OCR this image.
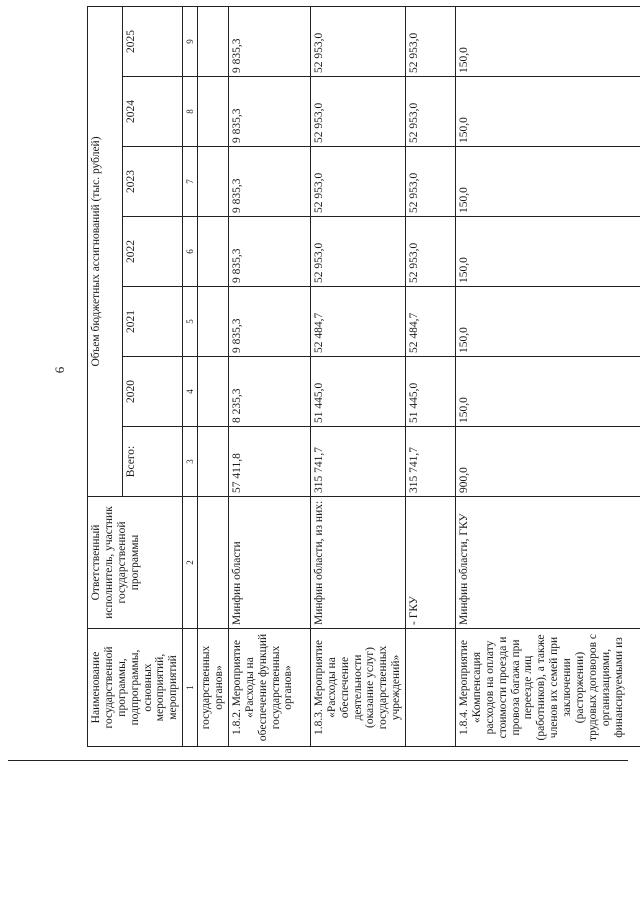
6
Наименование государственной программы, подпрограммы, основных мероприятий, мероприятий	Ответственный исполнитель, участник государственной программы	Объем бюджетных ассигнований (тыс. рублей)						
		Всего:	2020	2021	2022	2023	2024	2025
1	2	3	4	5	6	7	8	9
государственных органов»								
1.8.2. Мероприятие «Расходы на обеспечение функций государственных органов»	Минфин области	57 411,8	8 235,3	9 835,3	9 835,3	9 835,3	9 835,3	9 835,3
1.8.3. Мероприятие «Расходы на обеспечение деятельности (оказание услуг) государственных учреждений»	Минфин области, из них:	315 741,7	51 445,0	52 484,7	52 953,0	52 953,0	52 953,0	52 953,0
	- ГКУ	315 741,7	51 445,0	52 484,7	52 953,0	52 953,0	52 953,0	52 953,0
1.8.4. Мероприятие «Компенсация расходов на оплату стоимости проезда и провоза багажа при переезде лиц (работников), а также членов их семей при заключении (расторжении) трудовых договоров с организациями, финансируемыми из	Минфин области, ГКУ	900,0	150,0	150,0	150,0	150,0	150,0	150,0
